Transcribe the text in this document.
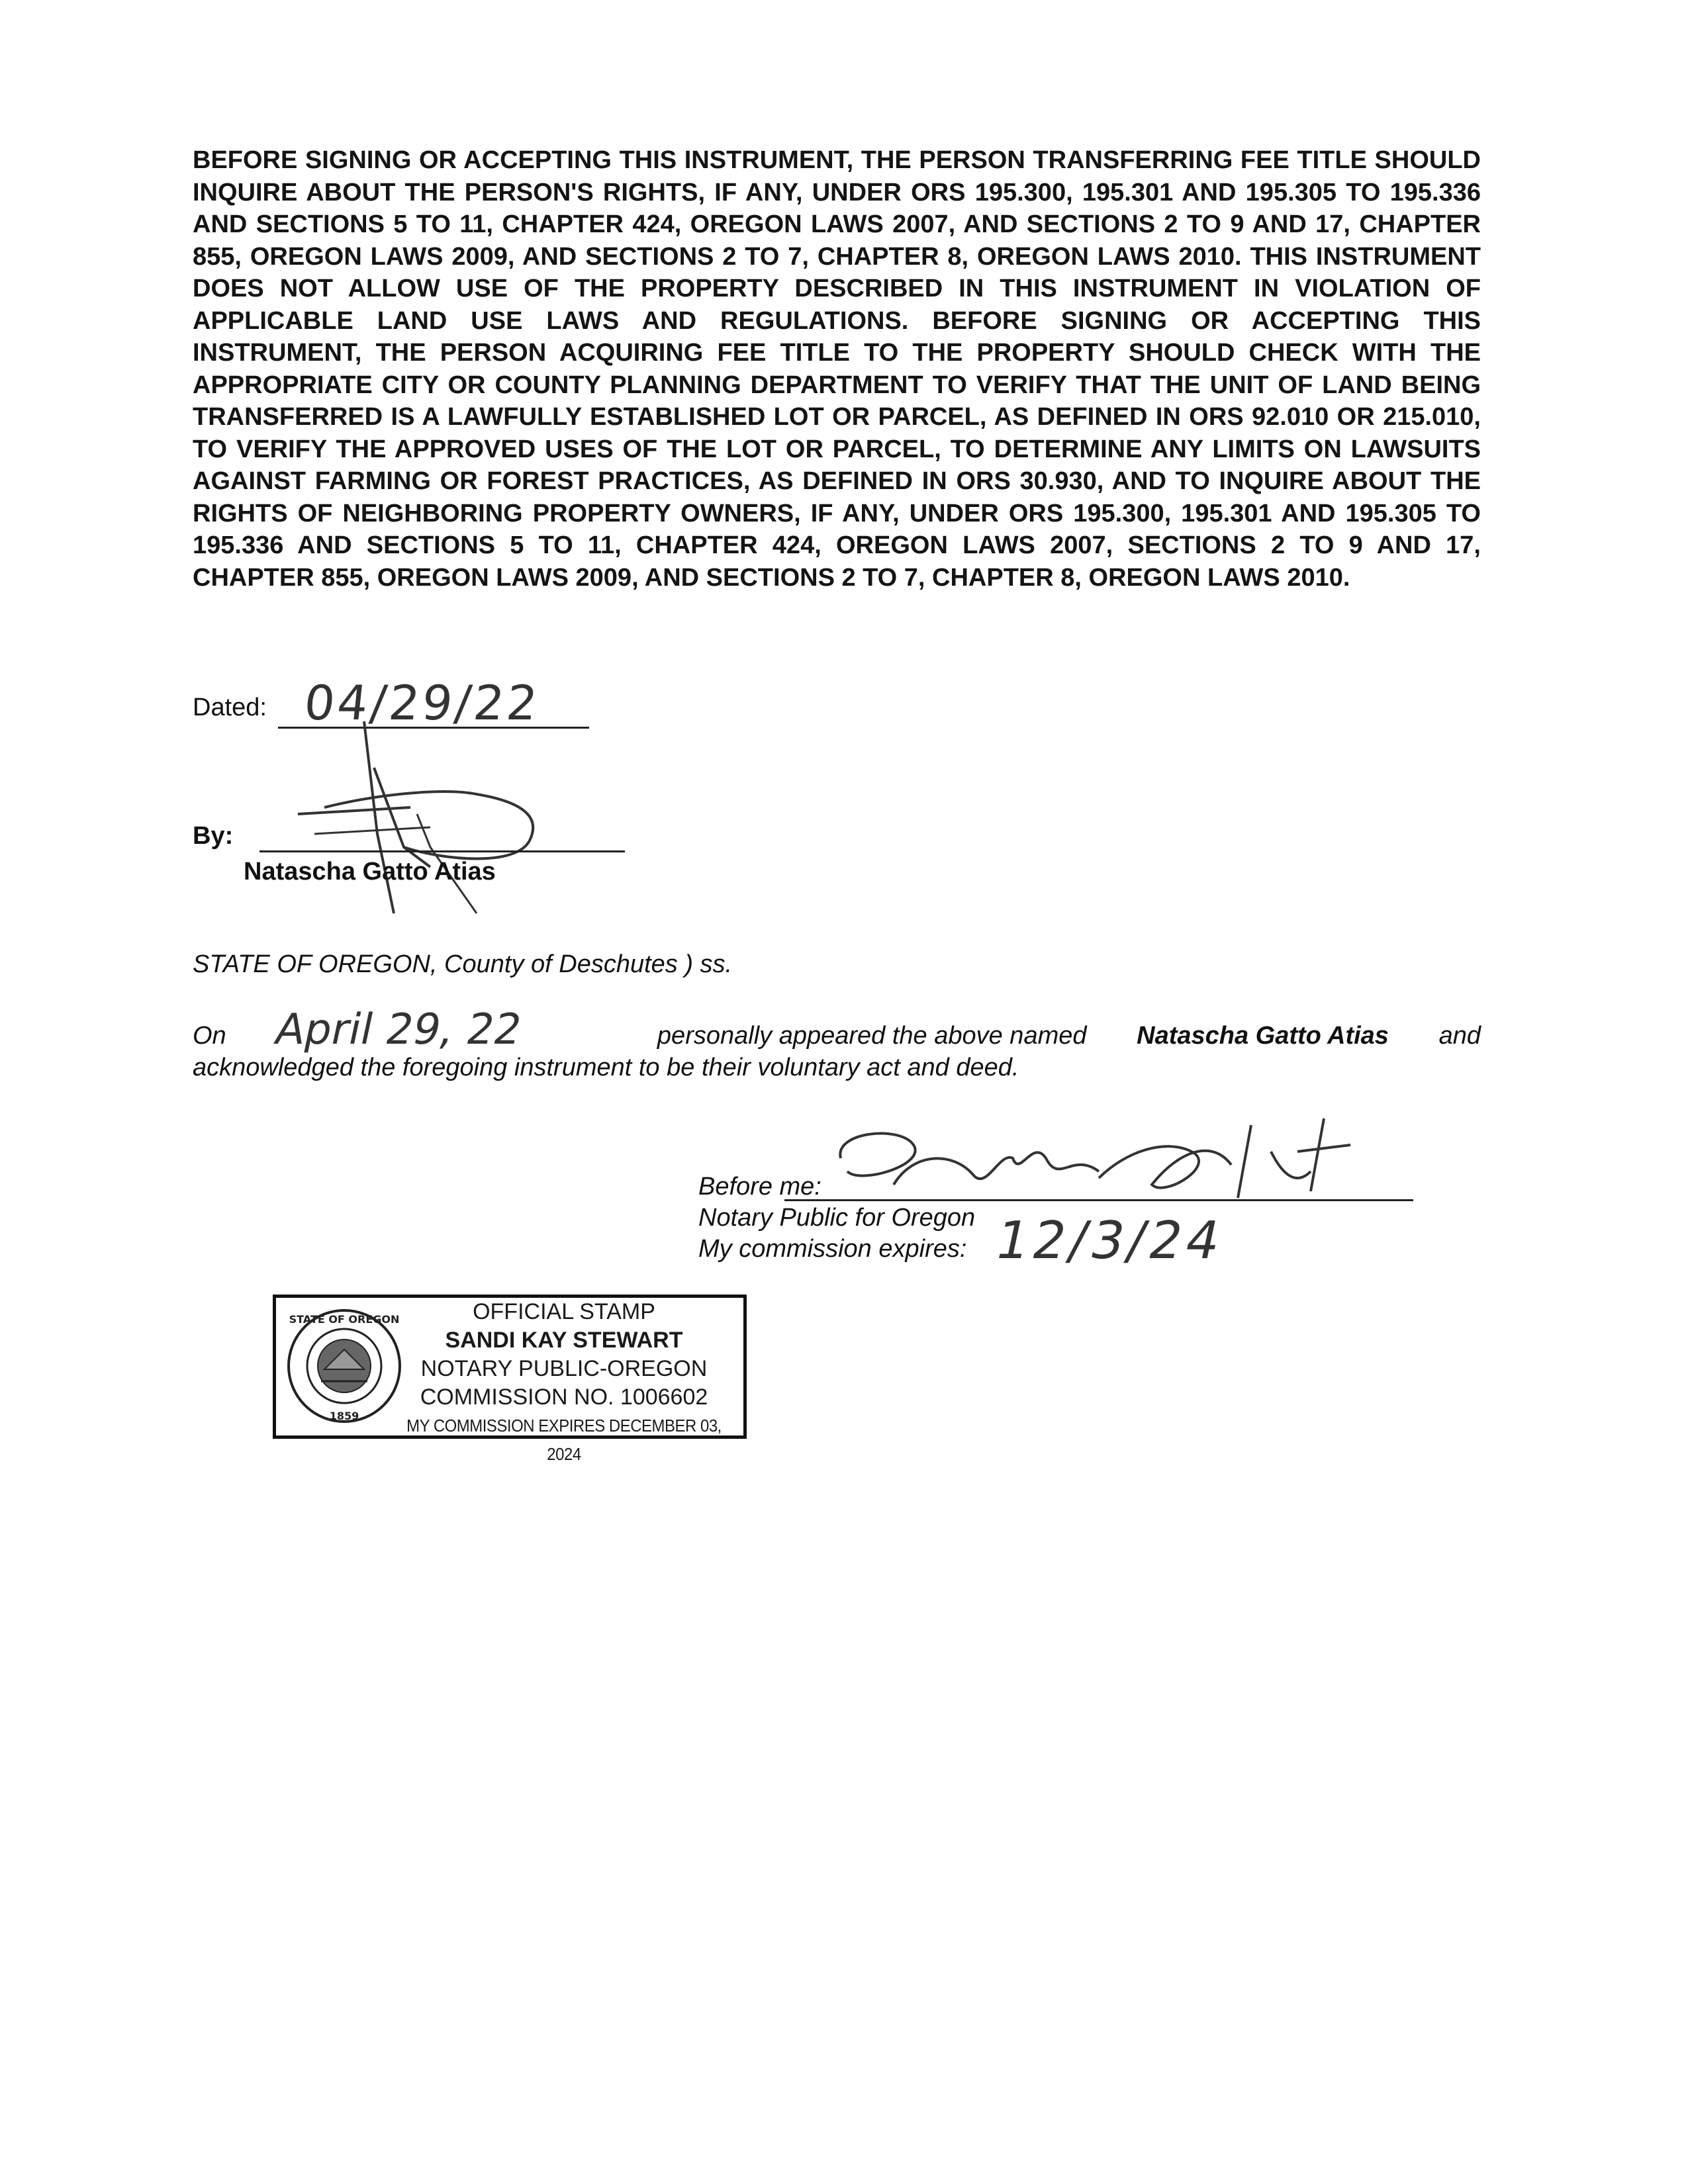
BEFORE SIGNING OR ACCEPTING THIS INSTRUMENT, THE PERSON TRANSFERRING FEE TITLE SHOULD INQUIRE ABOUT THE PERSON'S RIGHTS, IF ANY, UNDER ORS 195.300, 195.301 AND 195.305 TO 195.336 AND SECTIONS 5 TO 11, CHAPTER 424, OREGON LAWS 2007, AND SECTIONS 2 TO 9 AND 17, CHAPTER 855, OREGON LAWS 2009, AND SECTIONS 2 TO 7, CHAPTER 8, OREGON LAWS 2010. THIS INSTRUMENT DOES NOT ALLOW USE OF THE PROPERTY DESCRIBED IN THIS INSTRUMENT IN VIOLATION OF APPLICABLE LAND USE LAWS AND REGULATIONS. BEFORE SIGNING OR ACCEPTING THIS INSTRUMENT, THE PERSON ACQUIRING FEE TITLE TO THE PROPERTY SHOULD CHECK WITH THE APPROPRIATE CITY OR COUNTY PLANNING DEPARTMENT TO VERIFY THAT THE UNIT OF LAND BEING TRANSFERRED IS A LAWFULLY ESTABLISHED LOT OR PARCEL, AS DEFINED IN ORS 92.010 OR 215.010, TO VERIFY THE APPROVED USES OF THE LOT OR PARCEL, TO DETERMINE ANY LIMITS ON LAWSUITS AGAINST FARMING OR FOREST PRACTICES, AS DEFINED IN ORS 30.930, AND TO INQUIRE ABOUT THE RIGHTS OF NEIGHBORING PROPERTY OWNERS, IF ANY, UNDER ORS 195.300, 195.301 AND 195.305 TO 195.336 AND SECTIONS 5 TO 11, CHAPTER 424, OREGON LAWS 2007, SECTIONS 2 TO 9 AND 17, CHAPTER 855, OREGON LAWS 2009, AND SECTIONS 2 TO 7, CHAPTER 8, OREGON LAWS 2010.

Dated: 04/29/22
By:
Natascha Gatto Atias
STATE OF OREGON, County of Deschutes ) ss.
On April 29, 22	personally appeared the above named Natascha Gatto Atias and
acknowledged the foregoing instrument to be their voluntary act and deed.
Before me:
Notary Public for Oregon
My commission expires: 12/3/24
STATE OF OREGON
1859
OFFICIAL STAMP
SANDI KAY STEWART
NOTARY PUBLIC-OREGON
COMMISSION NO. 1006602
MY COMMISSION EXPIRES DECEMBER 03, 2024
